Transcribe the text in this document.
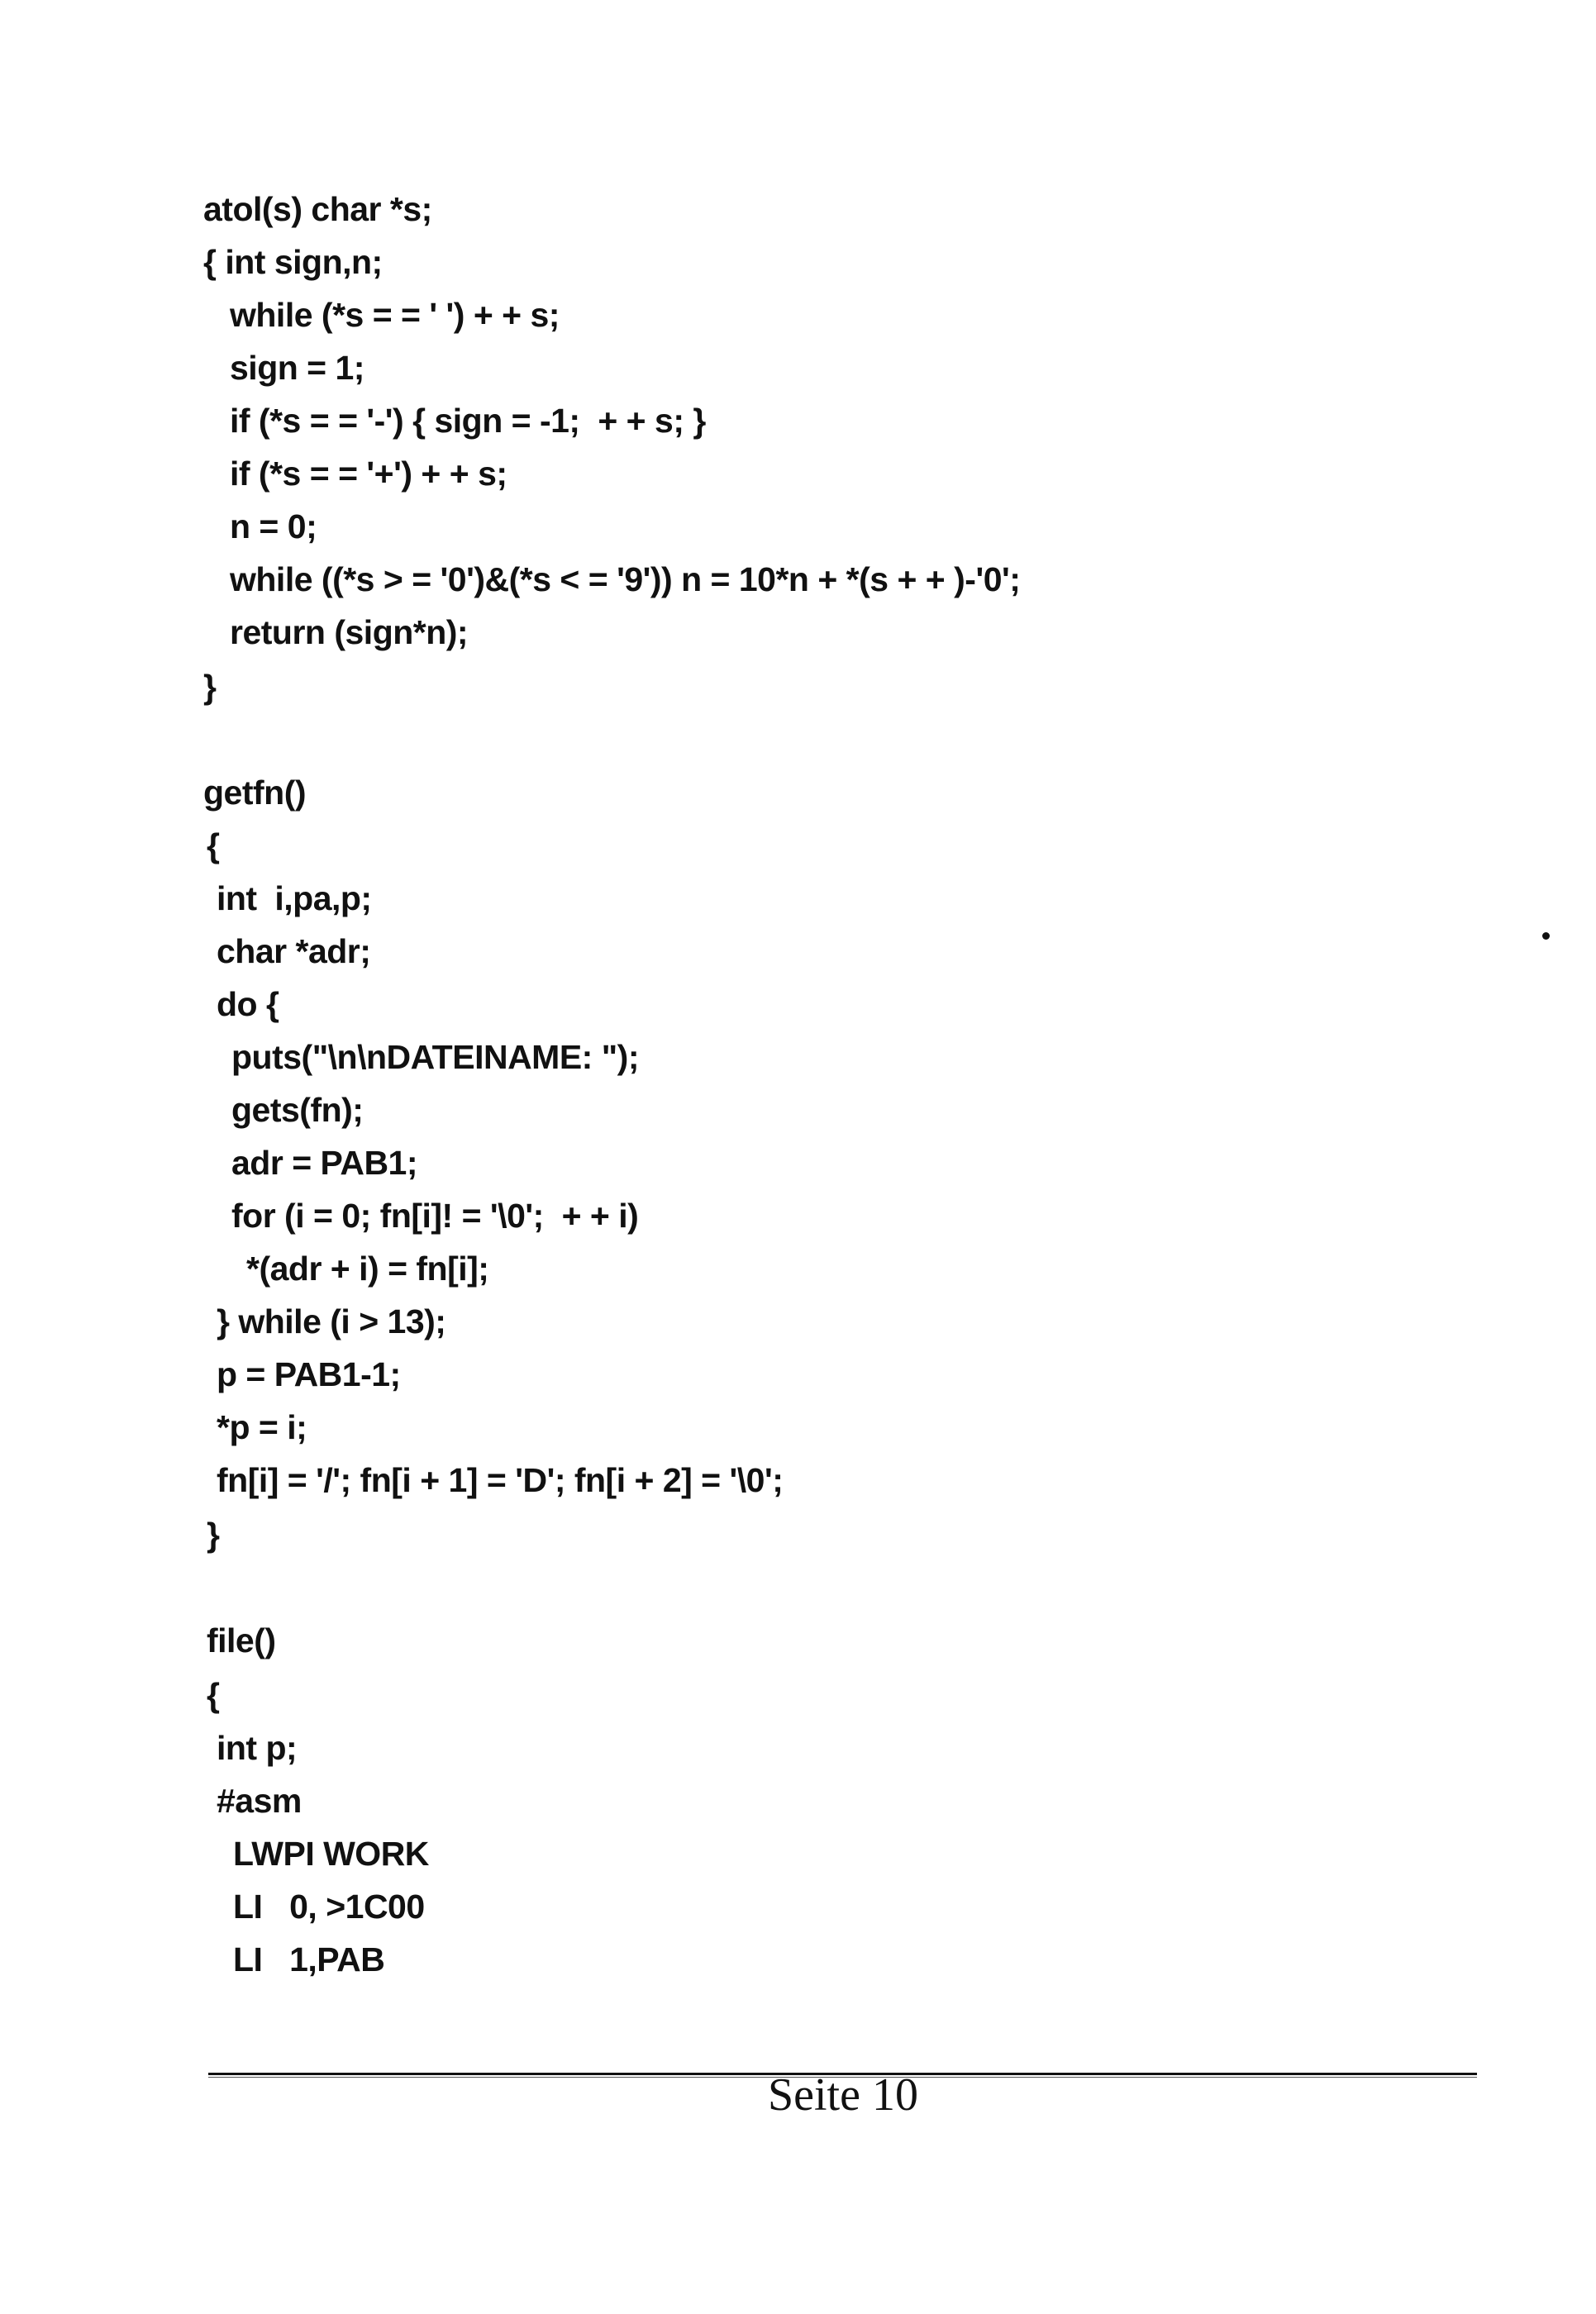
atol(s) char *s;
{ int sign,n;
while (*s = = ' ') + + s;
sign = 1;
if (*s = = '-') { sign = -1;  + + s; }
if (*s = = '+') + + s;
n = 0;
while ((*s > = '0')&(*s < = '9')) n = 10*n + *(s + + )-'0';
return (sign*n);
}
getfn()
{
int  i,pa,p;
char *adr;
do {
puts("\n\nDATEINAME: ");
gets(fn);
adr = PAB1;
for (i = 0; fn[i]! = '\0';  + + i)
*(adr + i) = fn[i];
} while (i > 13);
p = PAB1-1;
*p = i;
fn[i] = '/'; fn[i + 1] = 'D'; fn[i + 2] = '\0';
}
file()
{
int p;
#asm
LWPI WORK
LI   0, >1C00
LI   1,PAB
Seite 10
